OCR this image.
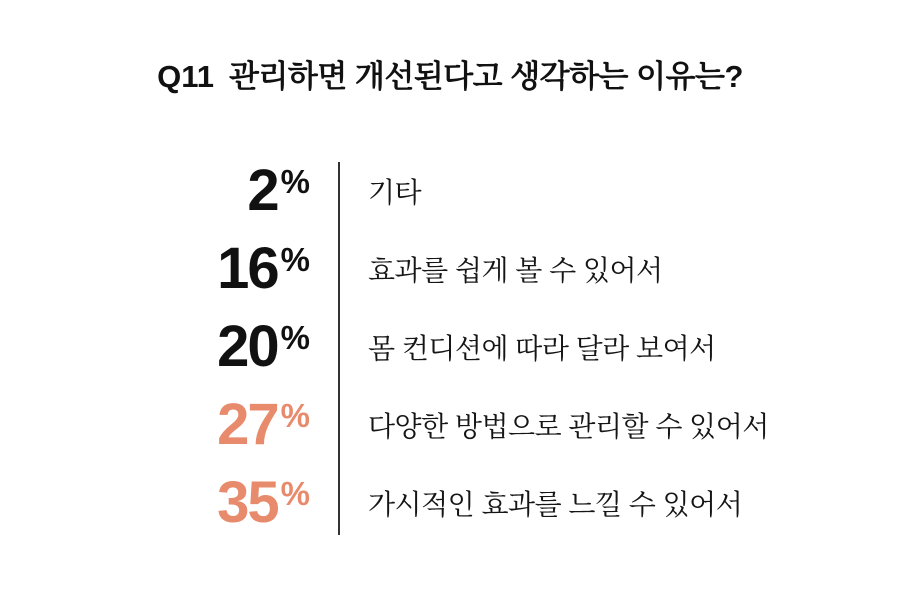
Q11 관리하면 개선된다고 생각하는 이유는?
2 % 기타
16 % 효과를 쉽게 볼 수 있어서
20 % 몸 컨디션에 따라 달라 보여서
27 % 다양한 방법으로 관리할 수 있어서
35 % 가시적인 효과를 느낄 수 있어서
